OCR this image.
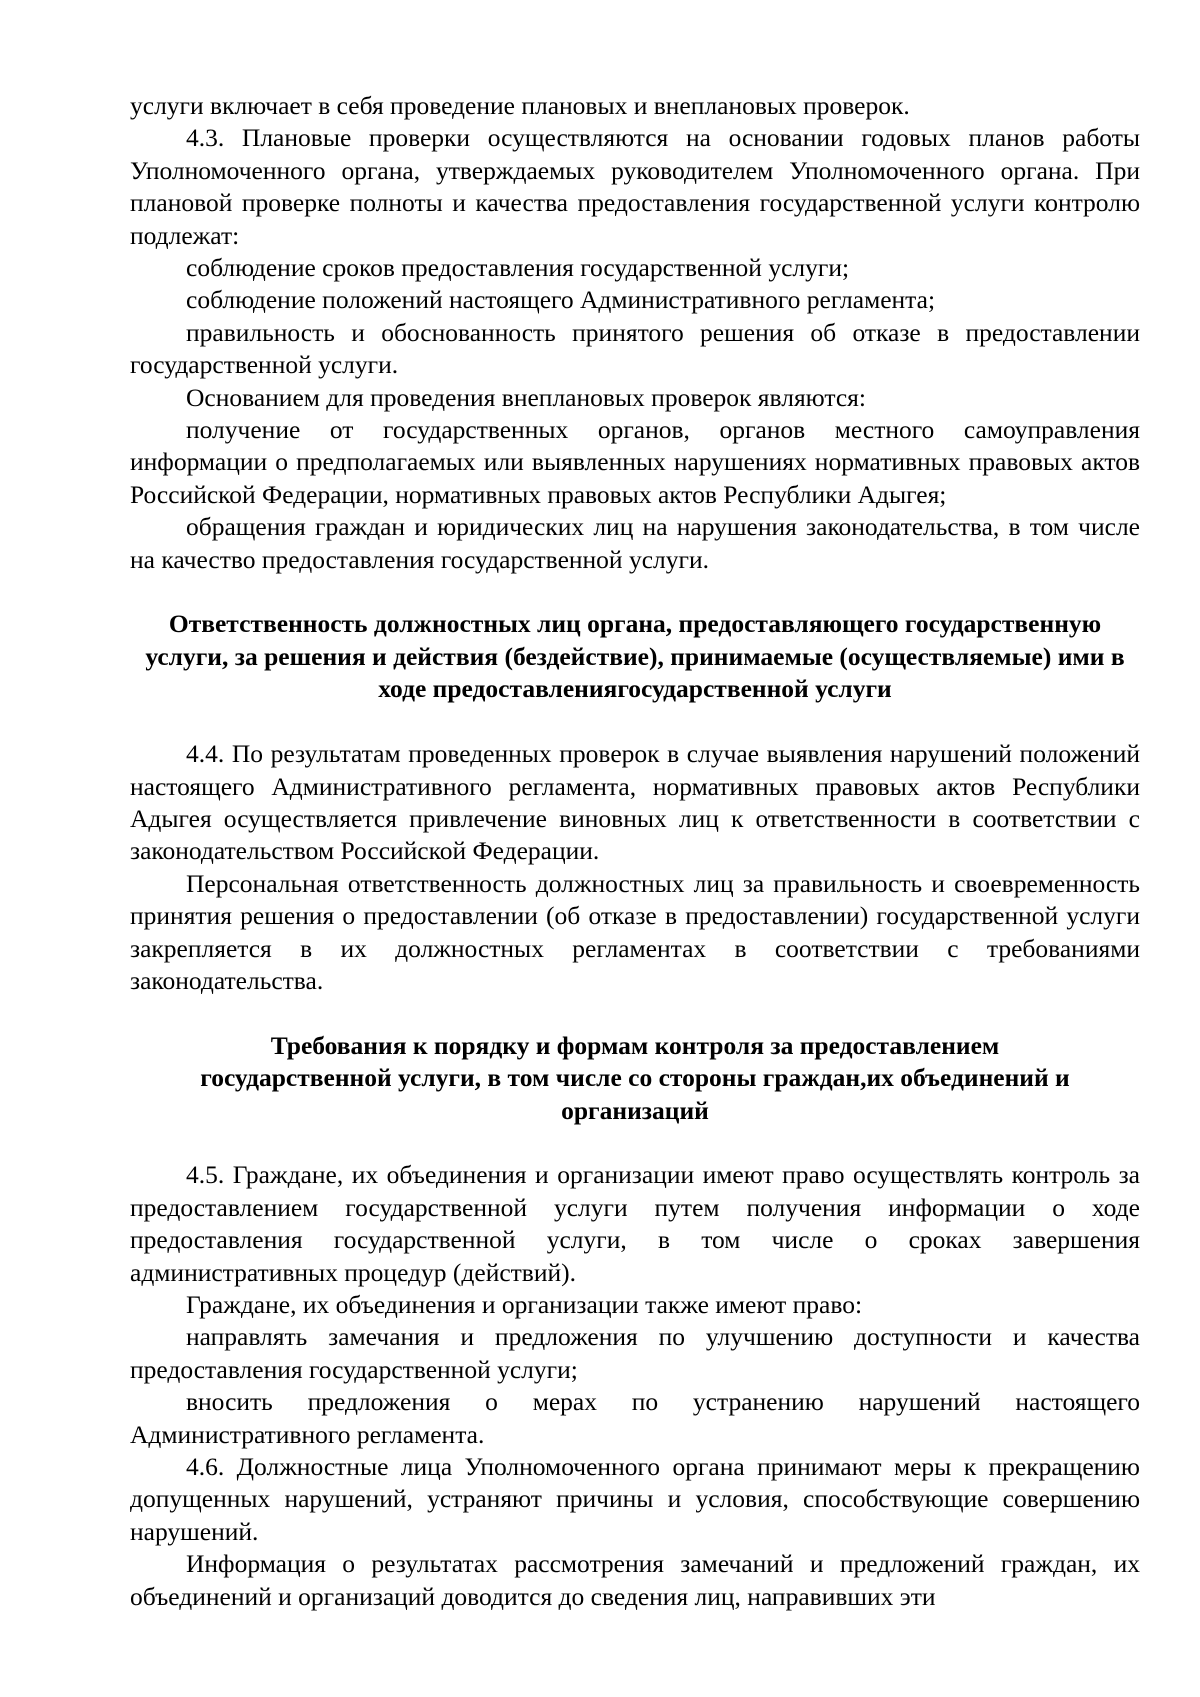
услуги включает в себя проведение плановых и внеплановых проверок.

4.3. Плановые проверки осуществляются на основании годовых планов работы Уполномоченного органа, утверждаемых руководителем Уполномоченного органа. При плановой проверке полноты и качества предоставления государственной услуги контролю подлежат:

соблюдение сроков предоставления государственной услуги;

соблюдение положений настоящего Административного регламента;

правильность и обоснованность принятого решения об отказе в предоставлении государственной услуги.

Основанием для проведения внеплановых проверок являются:

получение от государственных органов, органов местного самоуправления информации о предполагаемых или выявленных нарушениях нормативных правовых актов Российской Федерации, нормативных правовых актов Республики Адыгея;

обращения граждан и юридических лиц на нарушения законодательства, в том числе на качество предоставления государственной услуги.

Ответственность должностных лиц органа, предоставляющего государственную услуги, за решения и действия (бездействие), принимаемые (осуществляемые) ими в ходе предоставлениягосударственной услуги

4.4. По результатам проведенных проверок в случае выявления нарушений положений настоящего Административного регламента, нормативных правовых актов Республики Адыгея осуществляется привлечение виновных лиц к ответственности в соответствии с законодательством Российской Федерации.

Персональная ответственность должностных лиц за правильность и своевременность принятия решения о предоставлении (об отказе в предоставлении) государственной услуги закрепляется в их должностных регламентах в соответствии с требованиями законодательства.

Требования к порядку и формам контроля за предоставлением государственной услуги, в том числе со стороны граждан,их объединений и организаций

4.5. Граждане, их объединения и организации имеют право осуществлять контроль за предоставлением государственной услуги путем получения информации о ходе предоставления государственной услуги, в том числе о сроках завершения административных процедур (действий).

Граждане, их объединения и организации также имеют право:

направлять замечания и предложения по улучшению доступности и качества предоставления государственной услуги;

вносить предложения о мерах по устранению нарушений настоящего Административного регламента.

4.6. Должностные лица Уполномоченного органа принимают меры к прекращению допущенных нарушений, устраняют причины и условия, способствующие совершению нарушений.

Информация о результатах рассмотрения замечаний и предложений граждан, их объединений и организаций доводится до сведения лиц, направивших эти
